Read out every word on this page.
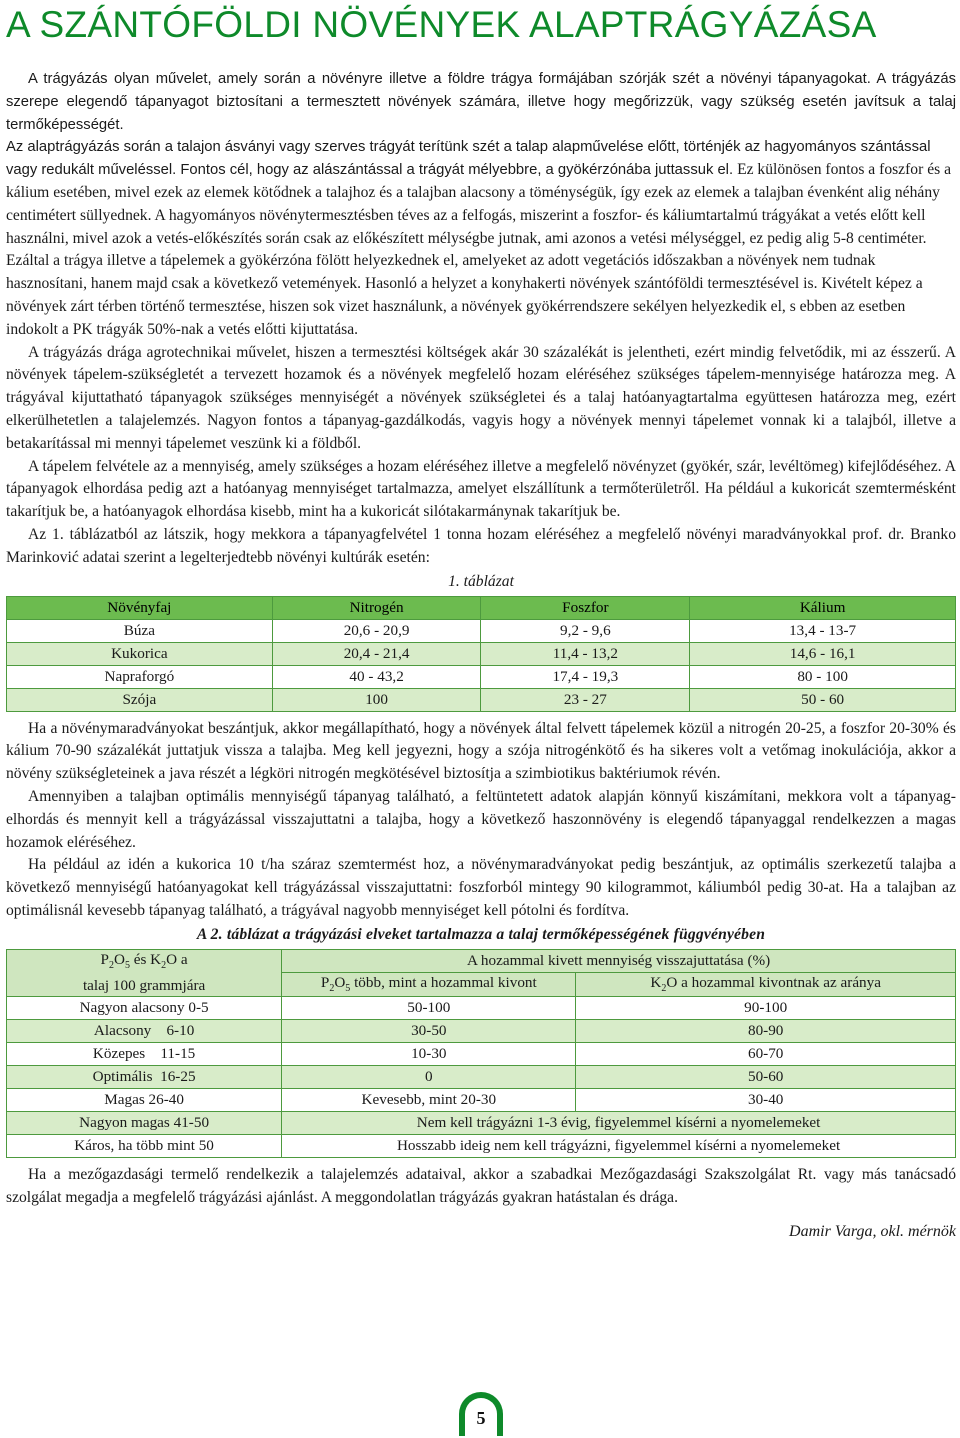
A SZÁNTÓFÖLDI NÖVÉNYEK ALAPTRÁGYÁZÁSA

A trágyázás olyan művelet, amely során a növényre illetve a földre trágya formájában szórják szét a növényi tápanyagokat. A trágyázás szerepe elegendő tápanyagot biztosítani a termesztett növények számára, illetve hogy megőrizzük, vagy szükség esetén javítsuk a talaj termőképességét.

Az alaptrágyázás során a talajon ásványi vagy szerves trágyát terítünk szét a talap alapművelése előtt, történjék az hagyományos szántással vagy redukált műveléssel. Fontos cél, hogy az alászántással a trágyát mélyebbre, a gyökérzónába juttassuk el. Ez különösen fontos a foszfor és a kálium esetében, mivel ezek az elemek kötődnek a talajhoz és a talajban alacsony a töménységük, így ezek az elemek a talajban évenként alig néhány centimétert süllyednek. A hagyományos növénytermesztésben téves az a felfogás, miszerint a foszfor- és káliumtartalmú trágyákat a vetés előtt kell használni, mivel azok a vetés-előkészítés során csak az előkészített mélységbe jutnak, ami azonos a vetési mélységgel, ez pedig alig 5-8 centiméter. Ezáltal a trágya illetve a tápelemek a gyökérzóna fölött helyezkednek el, amelyeket az adott vegetációs időszakban a növények nem tudnak hasznosítani, hanem majd csak a következő vetemények. Hasonló a helyzet a konyhakerti növények szántóföldi termesztésével is. Kivételt képez a növények zárt térben történő termesztése, hiszen sok vizet használunk, a növények gyökérrendszere sekélyen helyezkedik el, s ebben az esetben indokolt a PK trágyák 50%-nak a vetés előtti kijuttatása.

A trágyázás drága agrotechnikai művelet, hiszen a termesztési költségek akár 30 százalékát is jelentheti, ezért mindig felvetődik, mi az ésszerű. A növények tápelem-szükségletét a tervezett hozamok és a növények megfelelő hozam eléréséhez szükséges tápelem-mennyisége határozza meg. A trágyával kijuttatható tápanyagok szükséges mennyiségét a növények szükségletei és a talaj hatóanyagtartalma együttesen határozza meg, ezért elkerülhetetlen a talajelemzés. Nagyon fontos a tápanyag-gazdálkodás, vagyis hogy a növények mennyi tápelemet vonnak ki a talajból, illetve a betakarítással mi mennyi tápelemet veszünk ki a földből.

A tápelem felvétele az a mennyiség, amely szükséges a hozam eléréséhez illetve a megfelelő növényzet (gyökér, szár, levéltömeg) kifejlődéséhez. A tápanyagok elhordása pedig azt a hatóanyag mennyiséget tartalmazza, amelyet elszállítunk a termőterületről. Ha például a kukoricát szemtermésként takarítjuk be, a hatóanyagok elhordása kisebb, mint ha a kukoricát silótakarmánynak takarítjuk be.

Az 1. táblázatból az látszik, hogy mekkora a tápanyagfelvétel 1 tonna hozam eléréséhez a megfelelő növényi maradványokkal prof. dr. Branko Marinković adatai szerint a legelterjedtebb növényi kultúrák esetén:

1. táblázat

Növényfaj	Nitrogén	Foszfor	Kálium
Búza	20,6 - 20,9	9,2 - 9,6	13,4 - 13-7
Kukorica	20,4 - 21,4	11,4 - 13,2	14,6 - 16,1
Napraforgó	40 - 43,2	17,4 - 19,3	80 - 100
Szója	100	23 - 27	50 - 60

Ha a növénymaradványokat beszántjuk, akkor megállapítható, hogy a növények által felvett tápelemek közül a nitrogén 20-25, a foszfor 20-30% és kálium 70-90 százalékát juttatjuk vissza a talajba. Meg kell jegyezni, hogy a szója nitrogénkötő és ha sikeres volt a vetőmag inokulációja, akkor a növény szükségleteinek a java részét a légköri nitrogén megkötésével biztosítja a szimbiotikus baktériumok révén.

Amennyiben a talajban optimális mennyiségű tápanyag található, a feltüntetett adatok alapján könnyű kiszámítani, mekkora volt a tápanyag-elhordás és mennyit kell a trágyázással visszajuttatni a talajba, hogy a következő haszonnövény is elegendő tápanyaggal rendelkezzen a magas hozamok eléréséhez.

Ha például az idén a kukorica 10 t/ha száraz szemtermést hoz, a növénymaradványokat pedig beszántjuk, az optimális szerkezetű talajba a következő mennyiségű hatóanyagokat kell trágyázással visszajuttatni: foszforból mintegy 90 kilogrammot, káliumból pedig 30-at. Ha a talajban az optimálisnál kevesebb tápanyag található, a trágyával nagyobb mennyiséget kell pótolni és fordítva.

A 2. táblázat a trágyázási elveket tartalmazza a talaj termőképességének függvényében

$P_2O_5$ és $K_2O$ a
talaj 100 grammjára	A hozammal kivett mennyiség visszajuttatása (%)	
	$P_2O_5$ több, mint a hozammal kivont	$K_2O$ a hozammal kivontnak az aránya
Nagyon alacsony 0-5	50-100	90-100
Alacsony    6-10	30-50	80-90
Közepes    11-15	10-30	60-70
Optimális  16-25	0	50-60
Magas 26-40	Kevesebb, mint 20-30	30-40
Nagyon magas 41-50	Nem kell trágyázni 1-3 évig, figyelemmel kísérni a nyomelemeket	
Káros, ha több mint 50	Hosszabb ideig nem kell trágyázni, figyelemmel kísérni a nyomelemeket	

Ha a mezőgazdasági termelő rendelkezik a talajelemzés adataival, akkor a szabadkai Mezőgazdasági Szakszolgálat Rt. vagy más tanácsadó szolgálat megadja a megfelelő trágyázási ajánlást. A meggondolatlan trágyázás gyakran hatástalan és drága.

Damir Varga, okl. mérnök

5
